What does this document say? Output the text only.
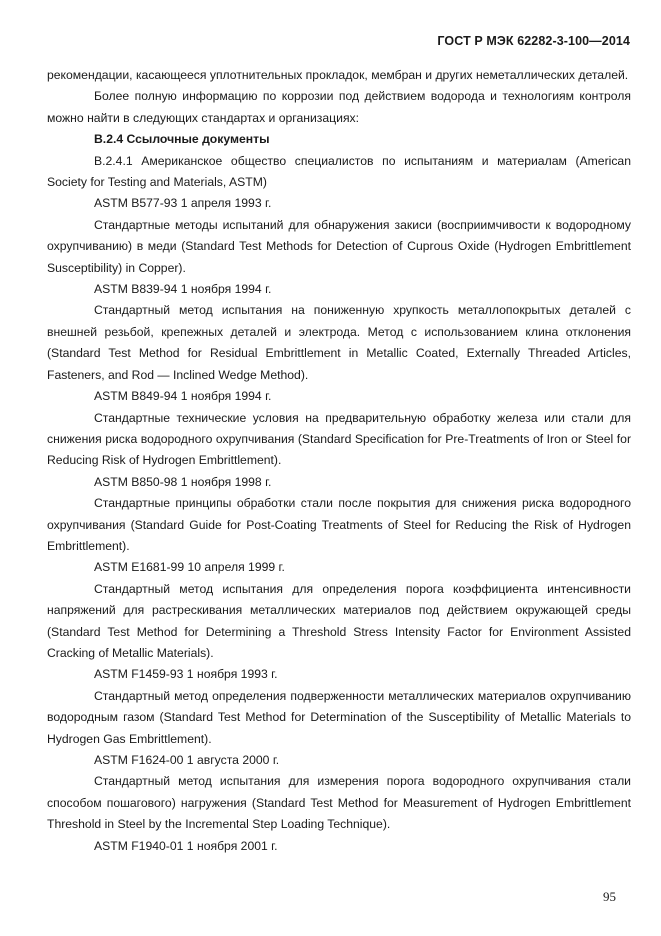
ГОСТ Р МЭК 62282-3-100—2014

рекомендации, касающееся уплотнительных прокладок, мембран и других неметаллических деталей.

Более полную информацию по коррозии под действием водорода и технологиям контроля можно найти в следующих стандартах и организациях:

В.2.4 Ссылочные документы

В.2.4.1 Американское общество специалистов по испытаниям и материалам (American Society for Testing and Materials, ASTM)

ASTM B577-93 1 апреля 1993 г.

Стандартные методы испытаний для обнаружения закиси (восприимчивости к водородному охрупчиванию) в меди (Standard Test Methods for Detection of Cuprous Oxide (Hydrogen Embrittlement Susceptibility) in Copper).

ASTM B839-94 1 ноября 1994 г.

Стандартный метод испытания на пониженную хрупкость металлопокрытых деталей с внешней резьбой, крепежных деталей и электрода. Метод с использованием клина отклонения (Standard Test Method for Residual Embrittlement in Metallic Coated, Externally Threaded Articles, Fasteners, and Rod — Inclined Wedge Method).

ASTM B849-94 1 ноября 1994 г.

Стандартные технические условия на предварительную обработку железа или стали для снижения риска водородного охрупчивания (Standard Specification for Pre-Treatments of Iron or Steel for Reducing Risk of Hydrogen Embrittlement).

ASTM B850-98 1 ноября 1998 г.

Стандартные принципы обработки стали после покрытия для снижения риска водородного охрупчивания (Standard Guide for Post-Coating Treatments of Steel for Reducing the Risk of Hydrogen Embrittlement).

ASTM E1681-99 10 апреля 1999 г.

Стандартный метод испытания для определения порога коэффициента интенсивности напряжений для растрескивания металлических материалов под действием окружающей среды (Standard Test Method for Determining a Threshold Stress Intensity Factor for Environment Assisted Cracking of Metallic Materials).

ASTM F1459-93 1 ноября 1993 г.

Стандартный метод определения подверженности металлических материалов охрупчиванию водородным газом (Standard Test Method for Determination of the Susceptibility of Metallic Materials to Hydrogen Gas Embrittlement).

ASTM F1624-00 1 августа 2000 г.

Стандартный метод испытания для измерения порога водородного охрупчивания стали способом пошагового) нагружения (Standard Test Method for Measurement of Hydrogen Embrittlement Threshold in Steel by the Incremental Step Loading Technique).

ASTM F1940-01 1 ноября 2001 г.

95
